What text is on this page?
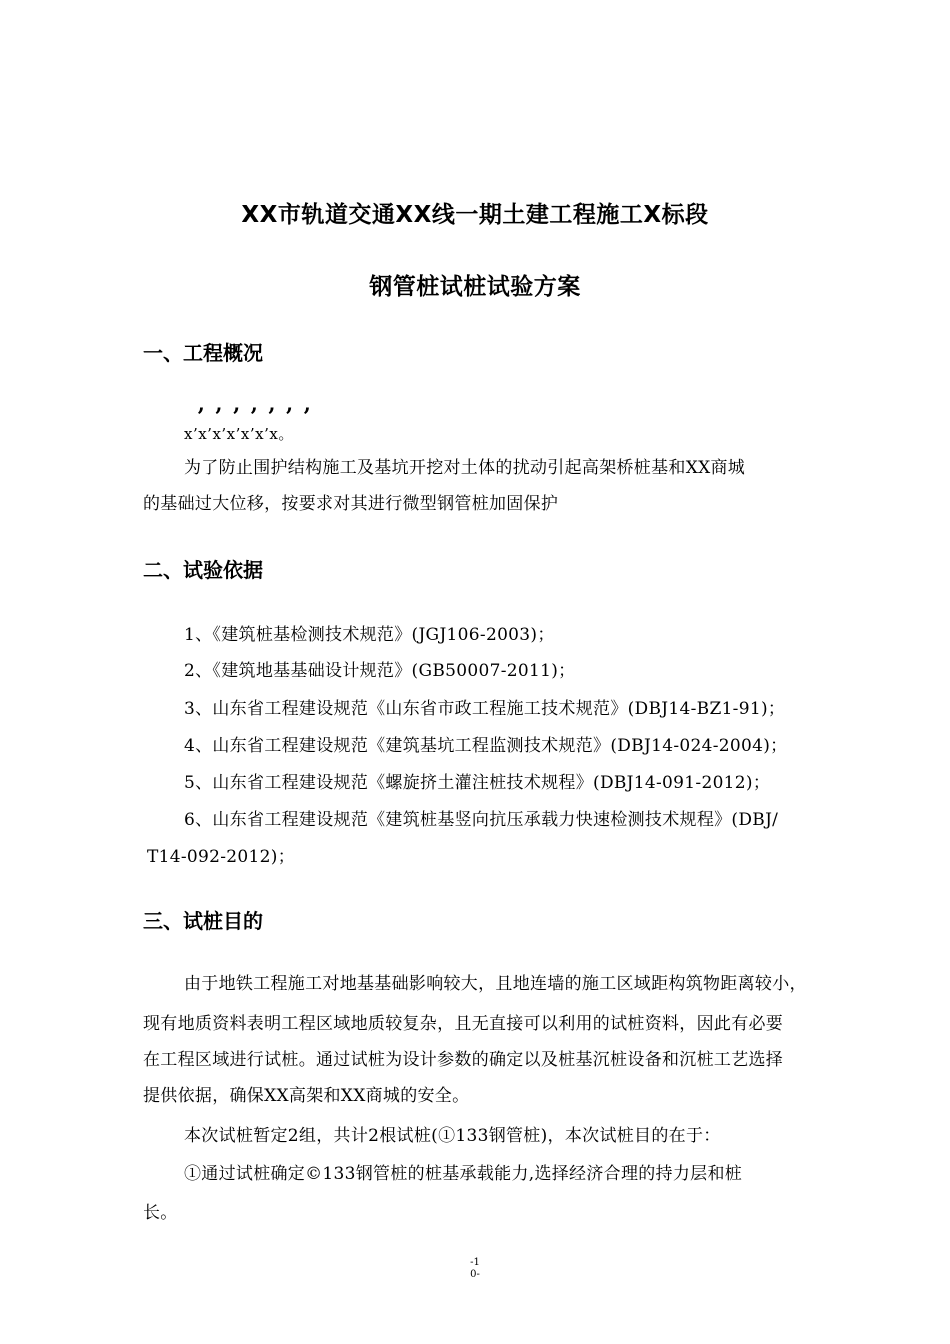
XX市轨道交通XX线一期土建工程施工X标段
钢管桩试桩试验方案
一、工程概况
’’’’’’’
x’x’x’x’x’x’x。
为了防止围护结构施工及基坑开挖对土体的扰动引起高架桥桩基和XX商城
的基础过大位移，按要求对其进行微型钢管桩加固保护
二、试验依据
1、《建筑桩基检测技术规范》(JGJ106-2003)；
2、《建筑地基基础设计规范》(GB50007-2011)；
3、山东省工程建设规范《山东省市政工程施工技术规范》(DBJ14-BZ1-91)；
4、山东省工程建设规范《建筑基坑工程监测技术规范》(DBJ14-024-2004)；
5、山东省工程建设规范《螺旋挤土灌注桩技术规程》(DBJ14-091-2012)；
6、山东省工程建设规范《建筑桩基竖向抗压承载力快速检测技术规程》(DBJ/
T14-092-2012)；
三、试桩目的
由于地铁工程施工对地基基础影响较大，且地连墙的施工区域距构筑物距离较小，
现有地质资料表明工程区域地质较复杂，且无直接可以利用的试桩资料，因此有必要
在工程区域进行试桩。通过试桩为设计参数的确定以及桩基沉桩设备和沉桩工艺选择
提供依据，确保XX高架和XX商城的安全。
本次试桩暂定2组，共计2根试桩(①133钢管桩)，本次试桩目的在于：
①通过试桩确定©133钢管桩的桩基承载能力,选择经济合理的持力层和桩
长。
-1
0-
